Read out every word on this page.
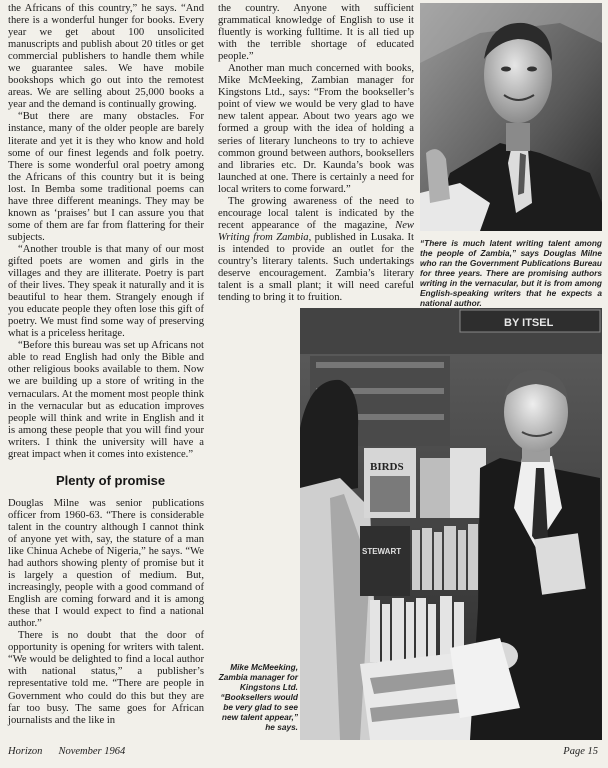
the Africans of this country,” he says. “And there is a wonderful hunger for books. Every year we get about 100 unsolicited manuscripts and publish about 20 titles or get commercial publishers to handle them while we guarantee sales. We have mobile bookshops which go out into the remotest areas. We are selling about 25,000 books a year and the demand is continually growing.

“But there are many obstacles. For instance, many of the older people are barely literate and yet it is they who know and hold some of our finest legends and folk poetry. There is some wonderful oral poetry among the Africans of this country but it is being lost. In Bemba some traditional poems can have three different meanings. They may be known as ‘praises’ but I can assure you that some of them are far from flattering for their subjects.

“Another trouble is that many of our most gifted poets are women and girls in the villages and they are illiterate. Poetry is part of their lives. They speak it naturally and it is beautiful to hear them. Strangely enough if you educate people they often lose this gift of poetry. We must find some way of preserving what is a priceless heritage.

“Before this bureau was set up Africans not able to read English had only the Bible and other religious books available to them. Now we are building up a store of writing in the vernaculars. At the moment most people think in the vernacular but as education improves people will think and write in English and it is among these people that you will find your writers. I think the university will have a great impact when it comes into existence.”

Plenty of promise

Douglas Milne was senior publications officer from 1960-63. “There is considerable talent in the country although I cannot think of anyone yet with, say, the stature of a man like Chinua Achebe of Nigeria,” he says. “We had authors showing plenty of promise but it is largely a question of medium. But, increasingly, people with a good command of English are coming forward and it is among these that I would expect to find a national author.”

There is no doubt that the door of opportunity is opening for writers with talent. “We would be delighted to find a local author with national status,” a publisher’s representative told me. “There are people in Government who could do this but they are far too busy. The same goes for African journalists and the like in

the country. Anyone with sufficient grammatical knowledge of English to use it fluently is working fulltime. It is all tied up with the terrible shortage of educated people.”

Another man much concerned with books, Mike McMeeking, Zambian manager for Kingstons Ltd., says: “From the bookseller’s point of view we would be very glad to have new talent appear. About two years ago we formed a group with the idea of holding a series of literary luncheons to try to achieve common ground between authors, booksellers and libraries etc. Dr. Kaunda’s book was launched at one. There is certainly a need for local writers to come forward.”

The growing awareness of the need to encourage local talent is indicated by the recent appearance of the magazine, New Writing from Zambia, published in Lusaka. It is intended to provide an outlet for the country’s literary talents. Such undertakings deserve encouragement. Zambia’s literary talent is a small plant; it will need careful tending to bring it to fruition.

“There is much latent writing talent among the people of Zambia,” says Douglas Milne who ran the Government Publications Bureau for three years. There are promising authors writing in the vernacular, but it is from among English-speaking writers that he expects a national author.
BY ITSEL
BIRDS
STEWART
Mike McMeeking, Zambia manager for Kingstons Ltd. “Booksellers would be very glad to see new talent appear,” he says.
Horizon November 1964	Page 15
